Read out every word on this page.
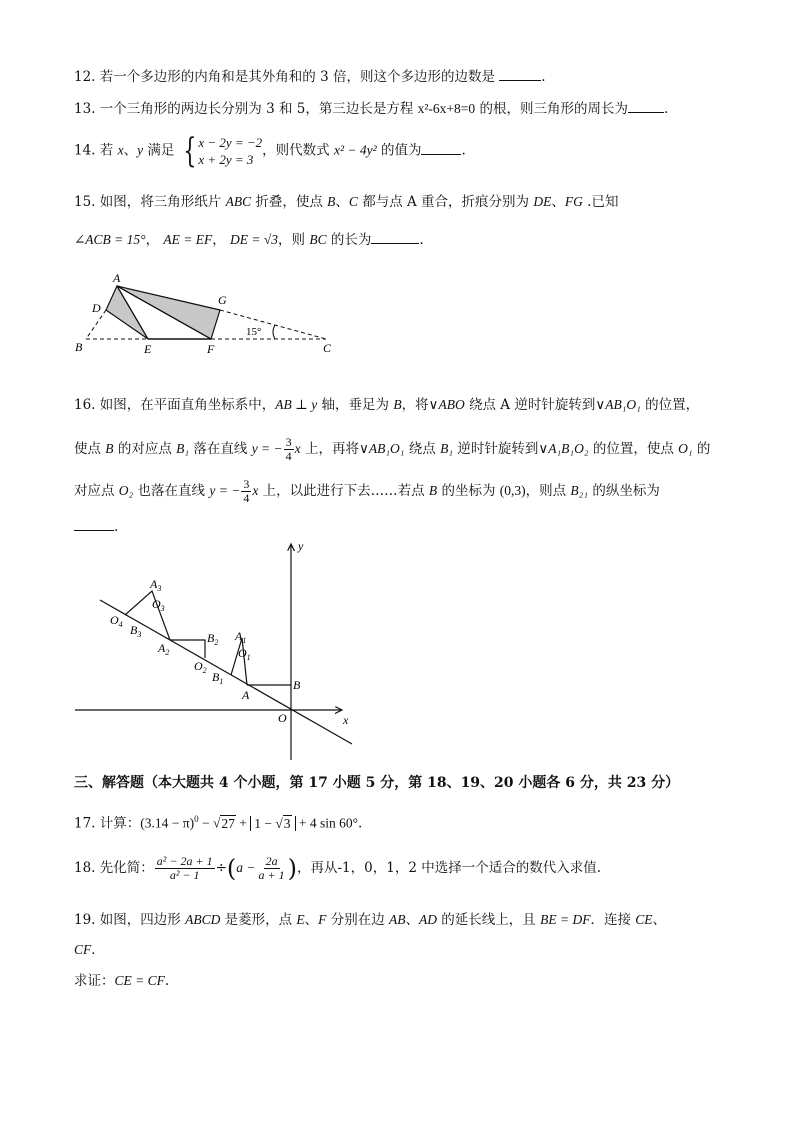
12. 若一个多边形的内角和是其外角和的 3 倍，则这个多边形的边数是	.
13. 一个三角形的两边长分别为 3 和 5，第三边长是方程 x²-6x+8=0 的根，则三角形的周长为	.
14. 若 x、y 满足 { x − 2y = −2
x + 2y = 3
，则代数式 x² − 4y² 的值为	.
15. 如图，将三角形纸片 ABC 折叠，使点 B、C 都与点 A 重合，折痕分别为 DE、FG .已知
∠ACB = 15°， AE = EF， DE = √3，则 BC 的长为	.
A
D
G
B	E	F	C
15°
16. 如图，在平面直角坐标系中，AB ⊥ y 轴，垂足为 B，将∨ABO 绕点 A 逆时针旋转到∨AB₁O₁ 的位置，
使点 B 的对应点 B₁ 落在直线 y = − $\frac{3}{4}$ x 上，再将∨AB₁O₁ 绕点 B₁ 逆时针旋转到∨A₁B₁O₂ 的位置，使点 O₁ 的
对应点 O₂ 也落在直线 y = − $\frac{3}{4}$ x 上，以此进行下去……若点 B 的坐标为 (0,3)，则点 B₂₁ 的纵坐标为
.
y
x
O
B
A
$A_1$
$O_1$
$B_1$
$O_2$
$B_2$
$A_2$
$B_3$
$O_3$
$A_3$
$O_4$
三、解答题（本大题共 4 个小题，第 17 小题 5 分，第 18、19、20 小题各 6 分，共 23 分）
17. 计算：$(3.14 - \pi)^0 - √27 + 1 - √3 + 4$ sin 60°.
18. 先化简： $\frac{\text{a² − 2a + 1}}{\text{a² − 1}} \div(a - \frac{2a}{a + 1}$ )，再从-1，0，1，2 中选择一个适合的数代入求值.
19. 如图，四边形 ABCD 是菱形，点 E、F 分别在边 AB、AD 的延长线上，且 BE = DF．连接 CE、
CF．
求证：CE = CF.
